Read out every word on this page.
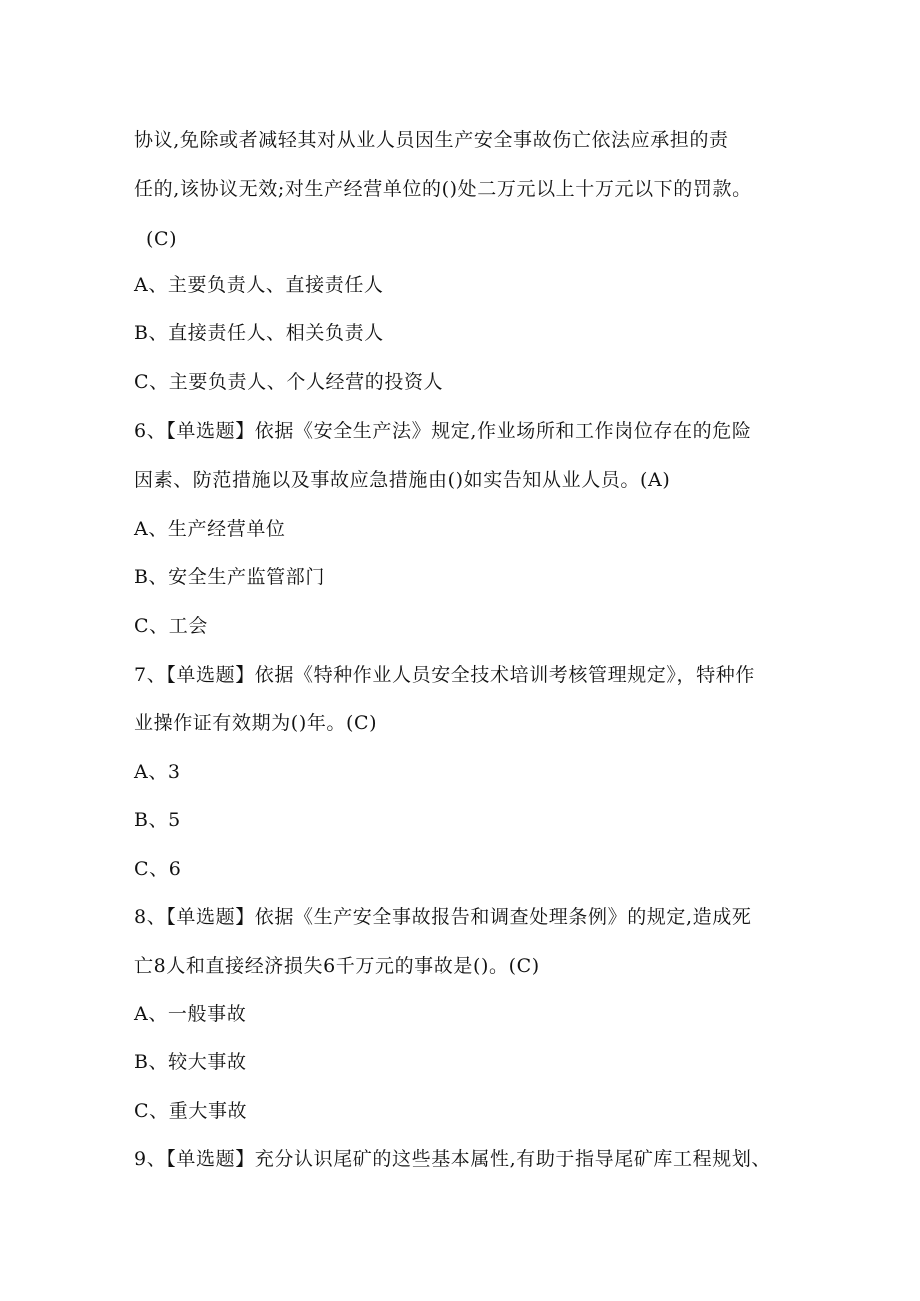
协议,免除或者减轻其对从业人员因生产安全事故伤亡依法应承担的责
任的,该协议无效;对生产经营单位的()处二万元以上十万元以下的罚款。
(C)
A、主要负责人、直接责任人
B、直接责任人、相关负责人
C、主要负责人、个人经营的投资人
6、【单选题】依据《安全生产法》规定,作业场所和工作岗位存在的危险
因素、防范措施以及事故应急措施由()如实告知从业人员。(A)
A、生产经营单位
B、安全生产监管部门
C、工会
7、【单选题】依据《特种作业人员安全技术培训考核管理规定》，特种作
业操作证有效期为()年。(C)
A、3
B、5
C、6
8、【单选题】依据《生产安全事故报告和调查处理条例》的规定,造成死
亡8人和直接经济损失6千万元的事故是()。(C)
A、一般事故
B、较大事故
C、重大事故
9、【单选题】充分认识尾矿的这些基本属性,有助于指导尾矿库工程规划、
